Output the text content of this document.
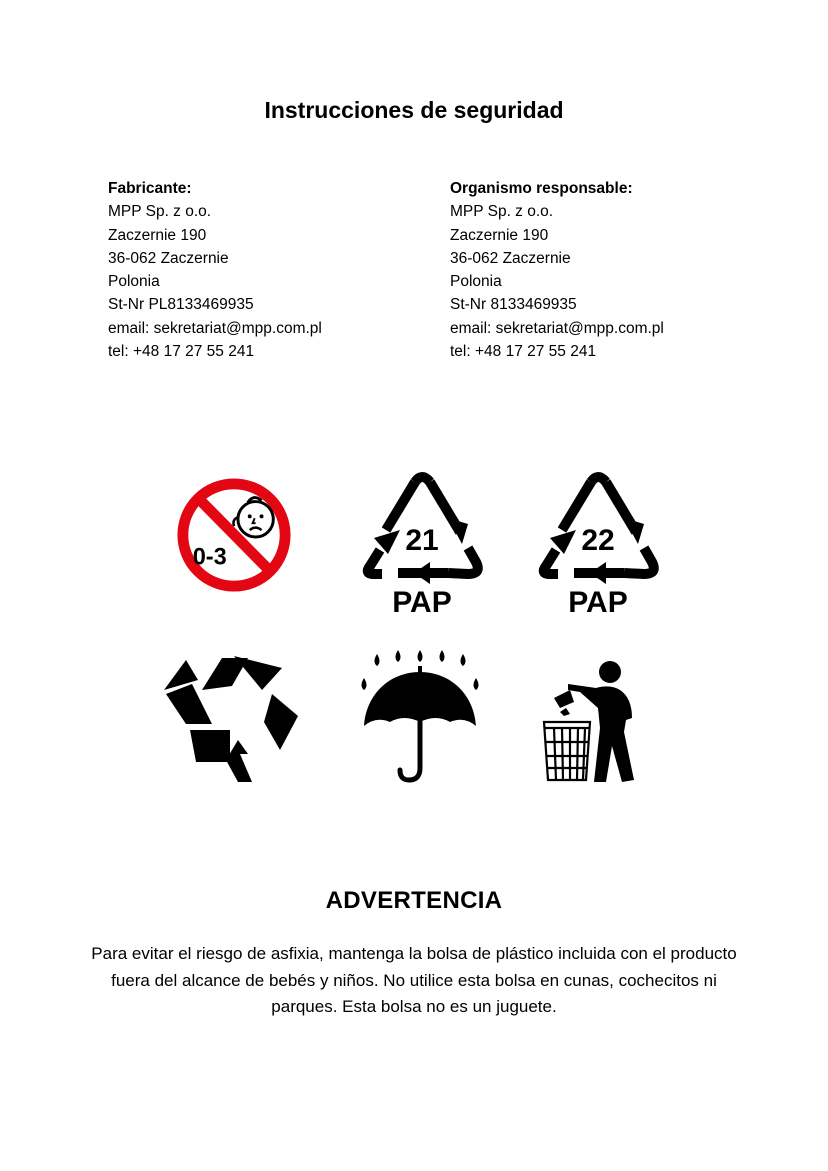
Instrucciones de seguridad
Fabricante:
MPP Sp. z o.o.
Zaczernie 190
36-062 Zaczernie
Polonia
St-Nr PL8133469935
email: sekretariat@mpp.com.pl
tel: +48 17 27 55 241
Organismo responsable:
MPP Sp. z o.o.
Zaczernie 190
36-062 Zaczernie
Polonia
St-Nr 8133469935
email: sekretariat@mpp.com.pl
tel: +48 17 27 55 241
0-3
21
PAP
22
PAP
ADVERTENCIA
Para evitar el riesgo de asfixia, mantenga la bolsa de plástico incluida con el producto fuera del alcance de bebés y niños. No utilice esta bolsa en cunas, cochecitos ni parques. Esta bolsa no es un juguete.
